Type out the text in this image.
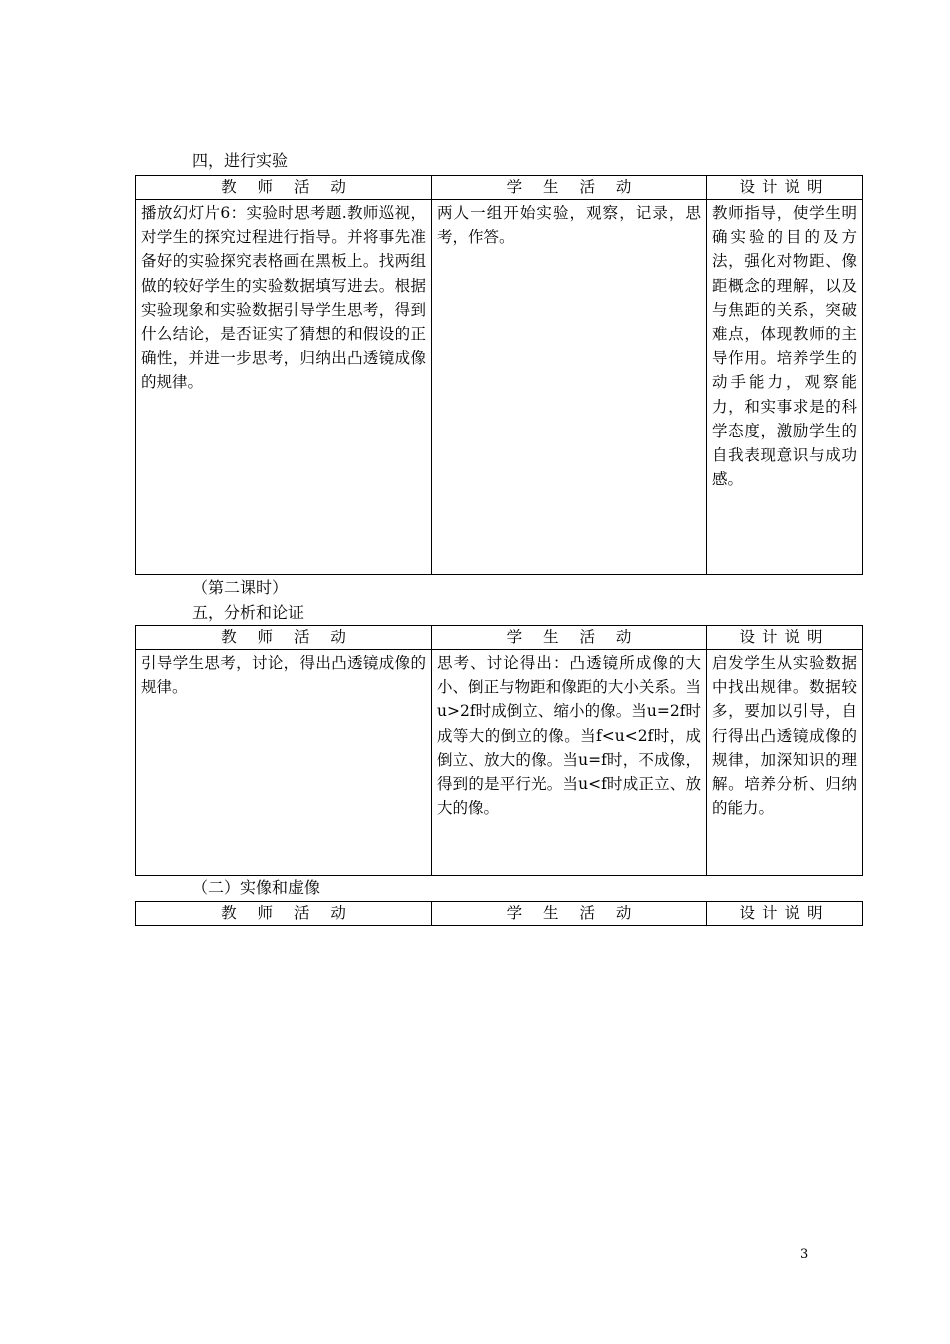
四，进行实验
教 师 活 动	学 生 活 动	设计说明
播放幻灯片6：实验时思考题.教师巡视，对学生的探究过程进行指导。并将事先准备好的实验探究表格画在黑板上。找两组做的较好学生的实验数据填写进去。根据实验现象和实验数据引导学生思考，得到什么结论，是否证实了猜想的和假设的正确性，并进一步思考，归纳出凸透镜成像的规律。	两人一组开始实验，观察，记录，思考，作答。	教师指导，使学生明确实验的目的及方法，强化对物距、像距概念的理解，以及与焦距的关系，突破难点，体现教师的主导作用。培养学生的动手能力，观察能力，和实事求是的科学态度，激励学生的自我表现意识与成功感。
（第二课时）
五，分析和论证
教 师 活 动	学 生 活 动	设计说明
引导学生思考，讨论，得出凸透镜成像的规律。	思考、讨论得出：凸透镜所成像的大小、倒正与物距和像距的大小关系。当u>2f时成倒立、缩小的像。当u=2f时成等大的倒立的像。当f<u<2f时，成倒立、放大的像。当u=f时，不成像，得到的是平行光。当u<f时成正立、放大的像。	启发学生从实验数据中找出规律。数据较多，要加以引导，自行得出凸透镜成像的规律，加深知识的理解。培养分析、归纳的能力。
（二）实像和虚像
教 师 活 动	学 生 活 动	设计说明
3
